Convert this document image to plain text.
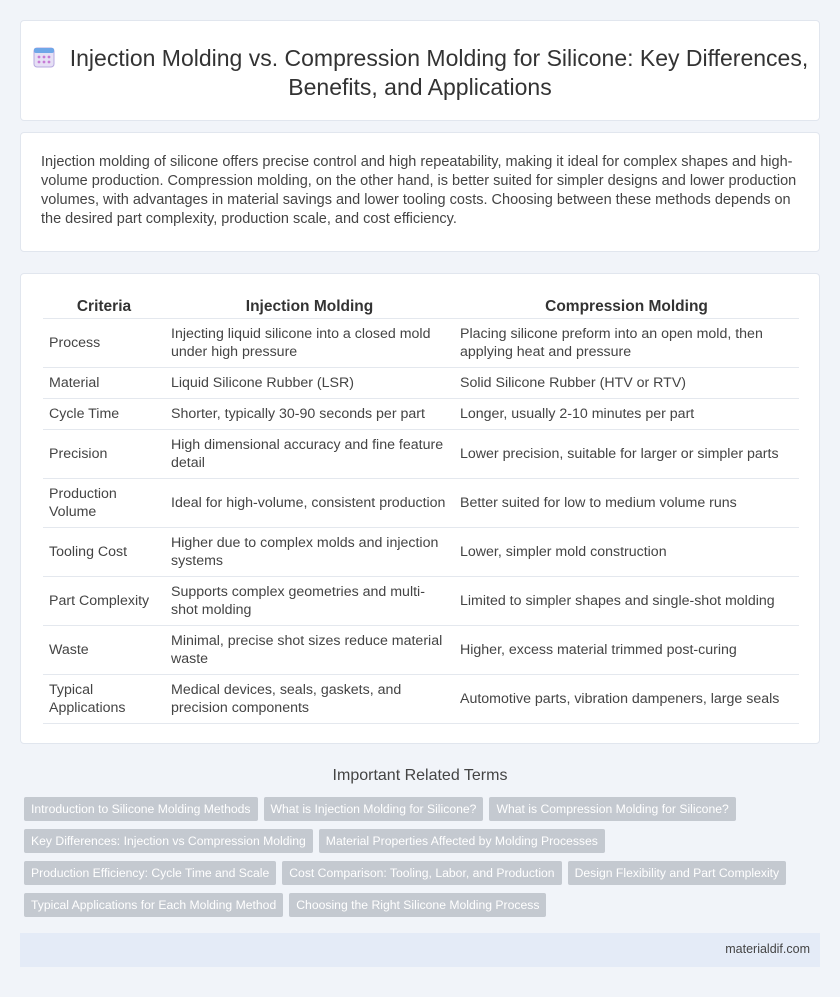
Injection Molding vs. Compression Molding for Silicone: Key Differences, Benefits, and Applications

Injection molding of silicone offers precise control and high repeatability, making it ideal for complex shapes and high-volume production. Compression molding, on the other hand, is better suited for simpler designs and lower production volumes, with advantages in material savings and lower tooling costs. Choosing between these methods depends on the desired part complexity, production scale, and cost efficiency.

Criteria	Injection Molding	Compression Molding
Process	Injecting liquid silicone into a closed mold under high pressure	Placing silicone preform into an open mold, then applying heat and pressure
Material	Liquid Silicone Rubber (LSR)	Solid Silicone Rubber (HTV or RTV)
Cycle Time	Shorter, typically 30-90 seconds per part	Longer, usually 2-10 minutes per part
Precision	High dimensional accuracy and fine feature detail	Lower precision, suitable for larger or simpler parts
Production Volume	Ideal for high-volume, consistent production	Better suited for low to medium volume runs
Tooling Cost	Higher due to complex molds and injection systems	Lower, simpler mold construction
Part Complexity	Supports complex geometries and multi-shot molding	Limited to simpler shapes and single-shot molding
Waste	Minimal, precise shot sizes reduce material waste	Higher, excess material trimmed post-curing
Typical Applications	Medical devices, seals, gaskets, and precision components	Automotive parts, vibration dampeners, large seals
Important Related Terms
Introduction to Silicone Molding Methods What is Injection Molding for Silicone? What is Compression Molding for Silicone?
Key Differences: Injection vs Compression Molding Material Properties Affected by Molding Processes
Production Efficiency: Cycle Time and Scale Cost Comparison: Tooling, Labor, and Production Design Flexibility and Part Complexity
Typical Applications for Each Molding Method Choosing the Right Silicone Molding Process
materialdif.com
